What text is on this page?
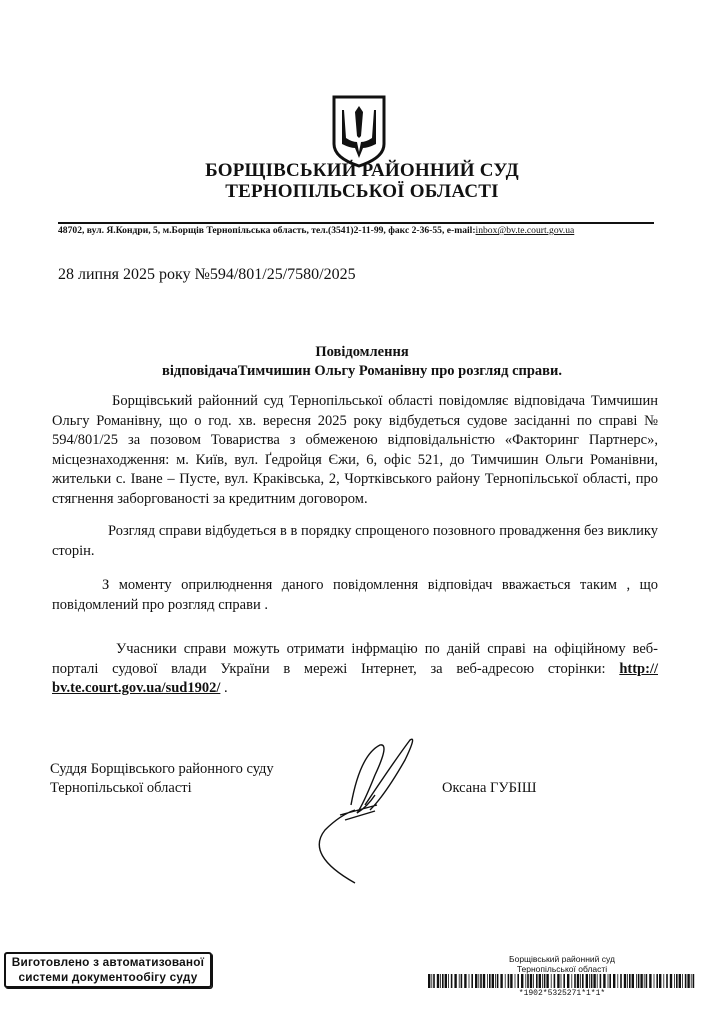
БОРЩІВСЬКИЙ РАЙОННИЙ СУД
ТЕРНОПІЛЬСЬКОЇ ОБЛАСТІ
48702, вул. Я.Кондри, 5, м.Борщів Тернопільська область, тел.(3541)2-11-99, факс 2-36-55, e-mail:inbox@bv.te.court.gov.ua
28 липня 2025 року №594/801/25/7580/2025
Повідомлення
відповідачаТимчишин Ольгу Романівну про розгляд справи.
Борщівський районний суд Тернопільської області повідомляє відповідача Тимчишин Ольгу Романівну, що о год. хв. вересня 2025 року відбудеться судове засіданні по справі № 594/801/25 за позовом Товариства з обмеженою відповідальністю «Факторинг Партнерс», місцезнаходження: м. Київ, вул. Ґедройця Єжи, 6, офіс 521, до Тимчишин Ольги Романівни, жительки с. Іване – Пусте, вул. Краківська, 2, Чортківського району Тернопільської області, про стягнення заборгованості за кредитним договором.
Розгляд справи відбудеться в в порядку спрощеного позовного провадження без виклику сторін.
З моменту оприлюднення даного повідомлення відповідач вважається таким , що повідомлений про розгляд справи .
Учасники справи можуть отримати інфрмацію по даній справі на офіційному веб-порталі судової влади України в мережі Інтернет, за веб-адресою сторінки: http:// bv.te.court.gov.ua/sud1902/ .
Суддя Борщівського районного суду
Тернопільської області	Оксана ГУБІШ
Виготовлено з автоматизованої
системи документообігу суду
Борщівський районний суд
Тернопільської області
*1902*5325271*1*1*
